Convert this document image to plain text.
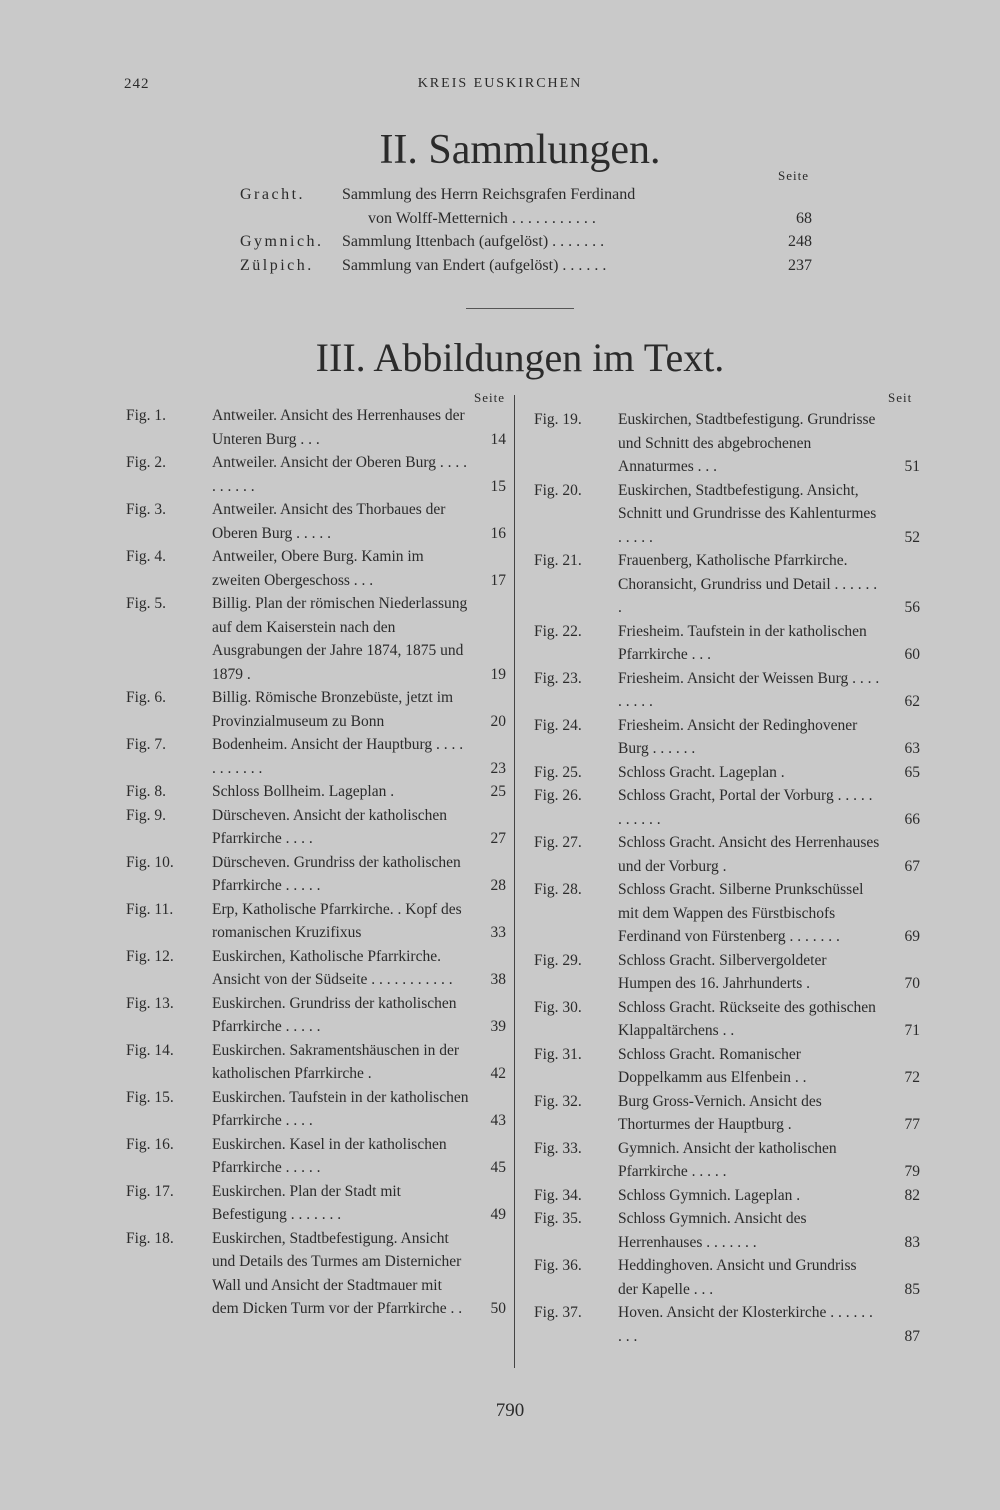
242	KREIS EUSKIRCHEN
II. Sammlungen.
Seite
Gracht.	Sammlung des Herrn Reichsgrafen Ferdinand
von Wolff-Metternich . . . . . . . . . . .	68
Gymnich.	Sammlung Ittenbach (aufgelöst) . . . . . . .	248
Zülpich.	Sammlung van Endert (aufgelöst) . . . . . .	237
III. Abbildungen im Text.
Seite	Seit
Fig. 1.	Antweiler. Ansicht des Herrenhauses der Unteren Burg . . .	14
Fig. 2.	Antweiler. Ansicht der Oberen Burg . . . . . . . . . .	15
Fig. 3.	Antweiler. Ansicht des Thorbaues der Oberen Burg . . . . .	16
Fig. 4.	Antweiler, Obere Burg. Kamin im zweiten Obergeschoss . . .	17
Fig. 5.	Billig. Plan der römischen Niederlassung auf dem Kaiserstein nach den Ausgrabungen der Jahre 1874, 1875 und 1879 .	19
Fig. 6.	Billig. Römische Bronzebüste, jetzt im Provinzialmuseum zu Bonn	20
Fig. 7.	Bodenheim. Ansicht der Hauptburg . . . . . . . . . . .	23
Fig. 8.	Schloss Bollheim. Lageplan .	25
Fig. 9.	Dürscheven. Ansicht der katholischen Pfarrkirche . . . .	27
Fig. 10.	Dürscheven. Grundriss der katholischen Pfarrkirche . . . . .	28
Fig. 11.	Erp, Katholische Pfarrkirche. . Kopf des romanischen Kruzifixus	33
Fig. 12.	Euskirchen, Katholische Pfarrkirche. Ansicht von der Südseite . . . . . . . . . . .	38
Fig. 13.	Euskirchen. Grundriss der katholischen Pfarrkirche . . . . .	39
Fig. 14.	Euskirchen. Sakramentshäuschen in der katholischen Pfarrkirche .	42
Fig. 15.	Euskirchen. Taufstein in der katholischen Pfarrkirche . . . .	43
Fig. 16.	Euskirchen. Kasel in der katholischen Pfarrkirche . . . . .	45
Fig. 17.	Euskirchen. Plan der Stadt mit Befestigung . . . . . . .	49
Fig. 18.	Euskirchen, Stadtbefestigung. Ansicht und Details des Turmes am Disternicher Wall und Ansicht der Stadtmauer mit dem Dicken Turm vor der Pfarrkirche . .	50
Fig. 19.	Euskirchen, Stadtbefestigung. Grundrisse und Schnitt des abgebrochenen Annaturmes . . .	51
Fig. 20.	Euskirchen, Stadtbefestigung. Ansicht, Schnitt und Grundrisse des Kahlenturmes . . . . .	52
Fig. 21.	Frauenberg, Katholische Pfarrkirche. Choransicht, Grundriss und Detail . . . . . . .	56
Fig. 22.	Friesheim. Taufstein in der katholischen Pfarrkirche . . .	60
Fig. 23.	Friesheim. Ansicht der Weissen Burg . . . . . . . . .	62
Fig. 24.	Friesheim. Ansicht der Redinghovener Burg . . . . . .	63
Fig. 25.	Schloss Gracht. Lageplan .	65
Fig. 26.	Schloss Gracht, Portal der Vorburg . . . . . . . . . . .	66
Fig. 27.	Schloss Gracht. Ansicht des Herrenhauses und der Vorburg .	67
Fig. 28.	Schloss Gracht. Silberne Prunkschüssel mit dem Wappen des Fürstbischofs Ferdinand von Fürstenberg . . . . . . .	69
Fig. 29.	Schloss Gracht. Silbervergoldeter Humpen des 16. Jahrhunderts .	70
Fig. 30.	Schloss Gracht. Rückseite des gothischen Klappaltärchens . .	71
Fig. 31.	Schloss Gracht. Romanischer Doppelkamm aus Elfenbein . .	72
Fig. 32.	Burg Gross-Vernich. Ansicht des Thorturmes der Hauptburg .	77
Fig. 33.	Gymnich. Ansicht der katholischen Pfarrkirche . . . . .	79
Fig. 34.	Schloss Gymnich. Lageplan .	82
Fig. 35.	Schloss Gymnich. Ansicht des Herrenhauses . . . . . . .	83
Fig. 36.	Heddinghoven. Ansicht und Grundriss der Kapelle . . .	85
Fig. 37.	Hoven. Ansicht der Klosterkirche . . . . . . . . .	87
790
